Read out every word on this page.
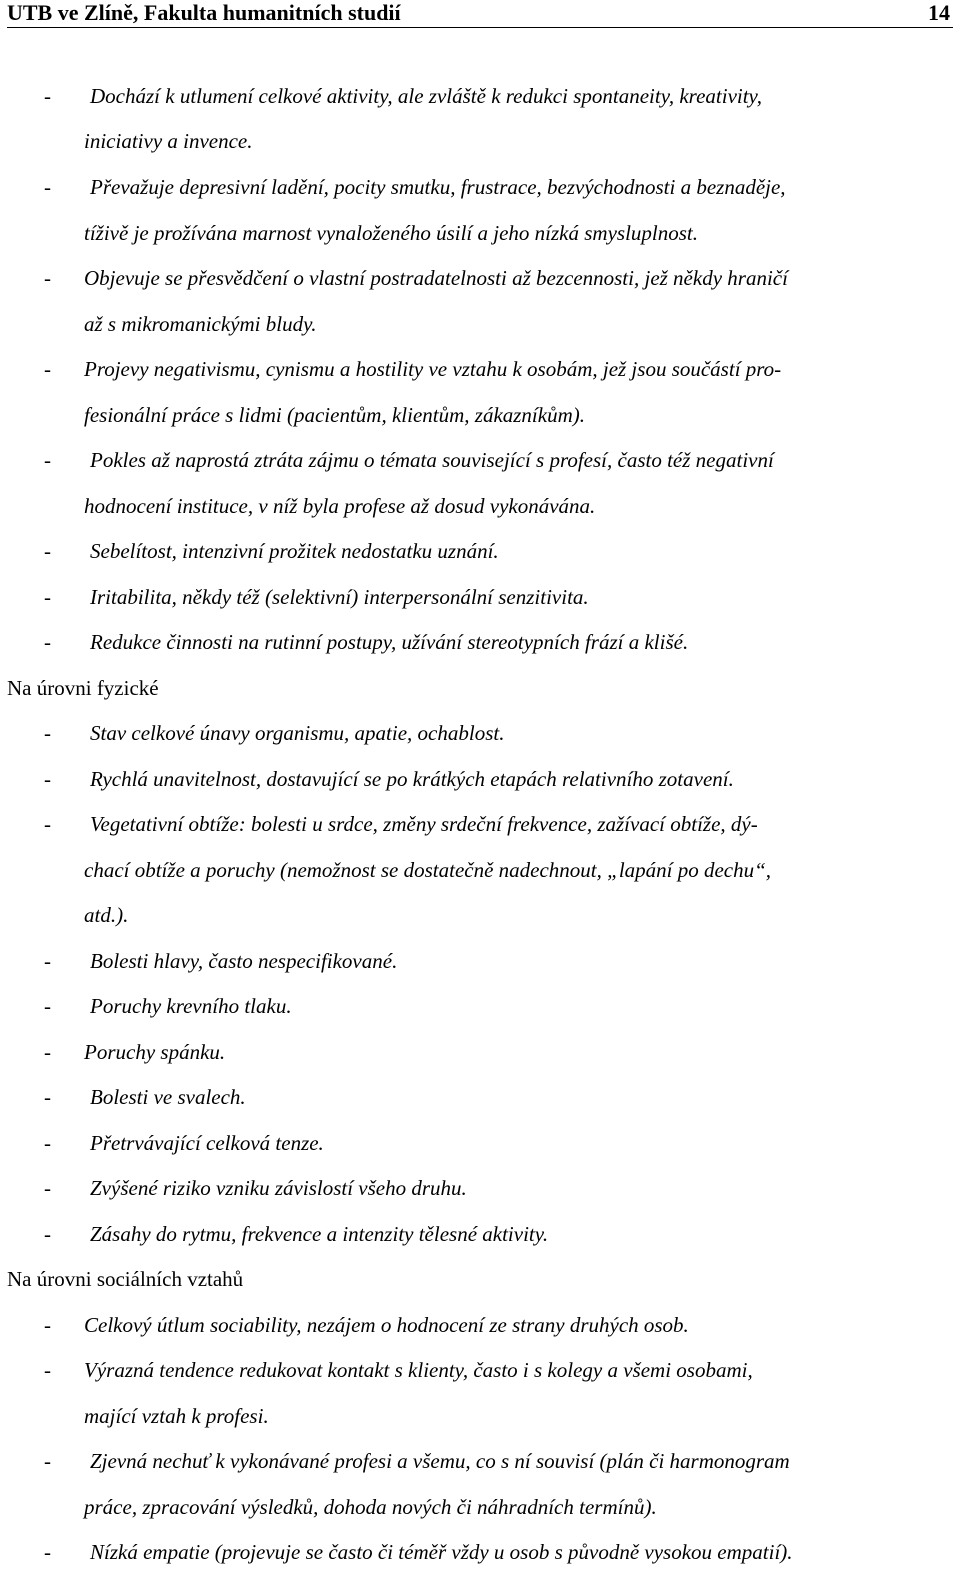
UTB ve Zlíně, Fakulta humanitních studií	14
- Dochází k utlumení celkové aktivity, ale zvláště k redukci spontaneity, kreativity,
iniciativy a invence.
- Převažuje depresivní ladění, pocity smutku, frustrace, bezvýchodnosti a beznaděje,
tíživě je prožívána marnost vynaloženého úsilí a jeho nízká smysluplnost.
- Objevuje se přesvědčení o vlastní postradatelnosti až bezcennosti, jež někdy hraničí
až s mikromanickými bludy.
- Projevy negativismu, cynismu a hostility ve vztahu k osobám, jež jsou součástí pro-
fesionální práce s lidmi (pacientům, klientům, zákazníkům).
- Pokles až naprostá ztráta zájmu o témata související s profesí, často též negativní
hodnocení instituce, v níž byla profese až dosud vykonávána.
- Sebelítost, intenzivní prožitek nedostatku uznání.
- Iritabilita, někdy též (selektivní) interpersonální senzitivita.
- Redukce činnosti na rutinní postupy, užívání stereotypních frází a klišé.
Na úrovni fyzické
- Stav celkové únavy organismu, apatie, ochablost.
- Rychlá unavitelnost, dostavující se po krátkých etapách relativního zotavení.
- Vegetativní obtíže: bolesti u srdce, změny srdeční frekvence, zažívací obtíže, dý-
chací obtíže a poruchy (nemožnost se dostatečně nadechnout, „lapání po dechu“,
atd.).
- Bolesti hlavy, často nespecifikované.
- Poruchy krevního tlaku.
- Poruchy spánku.
- Bolesti ve svalech.
- Přetrvávající celková tenze.
- Zvýšené riziko vzniku závislostí všeho druhu.
- Zásahy do rytmu, frekvence a intenzity tělesné aktivity.
Na úrovni sociálních vztahů
- Celkový útlum sociability, nezájem o hodnocení ze strany druhých osob.
- Výrazná tendence redukovat kontakt s klienty, často i s kolegy a všemi osobami,
mající vztah k profesi.
- Zjevná nechuť k vykonávané profesi a všemu, co s ní souvisí (plán či harmonogram
práce, zpracování výsledků, dohoda nových či náhradních termínů).
- Nízká empatie (projevuje se často či téměř vždy u osob s původně vysokou empatií).
